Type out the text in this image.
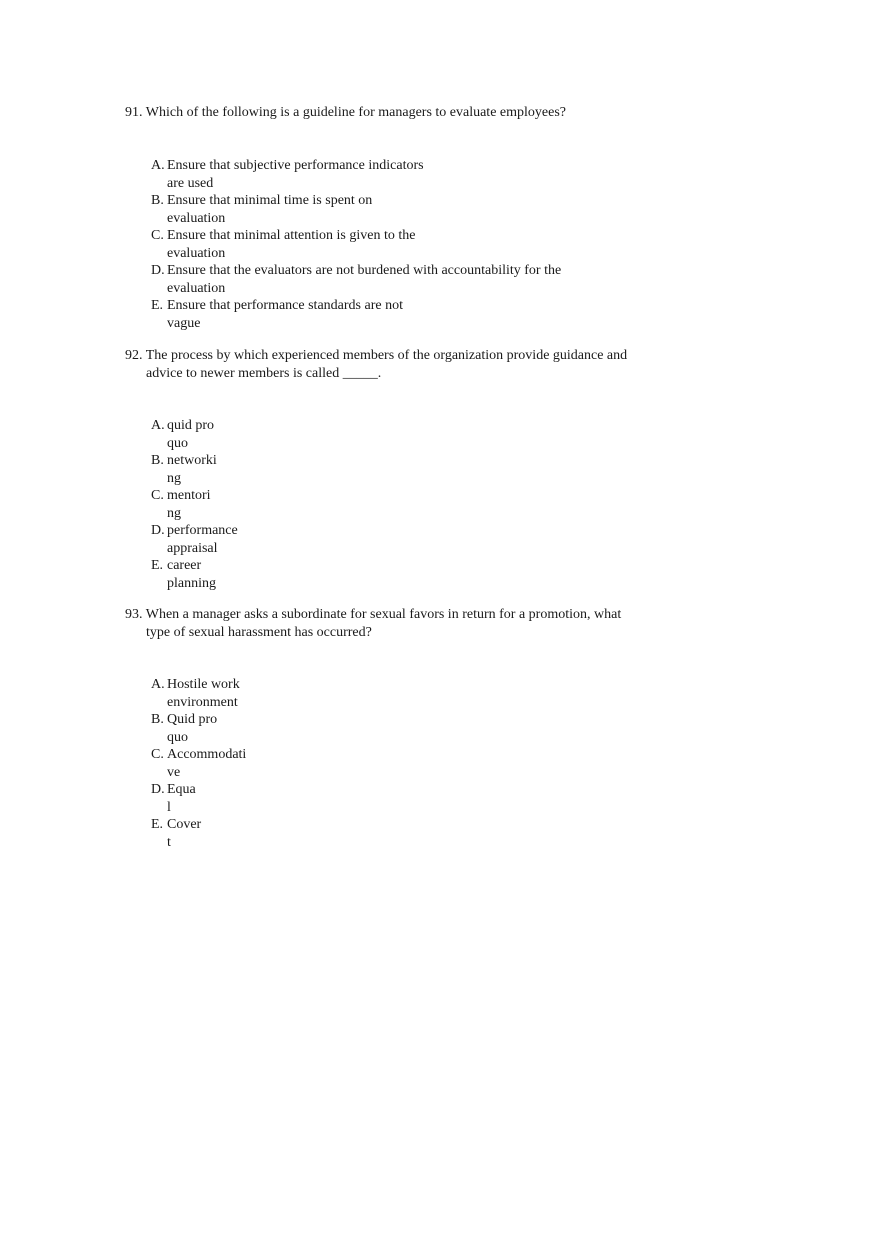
91. Which of the following is a guideline for managers to evaluate employees?
A. Ensure that subjective performance indicators
are used
B. Ensure that minimal time is spent on
evaluation
C. Ensure that minimal attention is given to the
evaluation
D. Ensure that the evaluators are not burdened with accountability for the
evaluation
E. Ensure that performance standards are not
vague
92. The process by which experienced members of the organization provide guidance and
advice to newer members is called _____.
A. quid pro
quo
B. networki
ng
C. mentori
ng
D. performance
appraisal
E. career
planning
93. When a manager asks a subordinate for sexual favors in return for a promotion, what
type of sexual harassment has occurred?
A. Hostile work
environment
B. Quid pro
quo
C. Accommodati
ve
D. Equa
l
E. Cover
t
